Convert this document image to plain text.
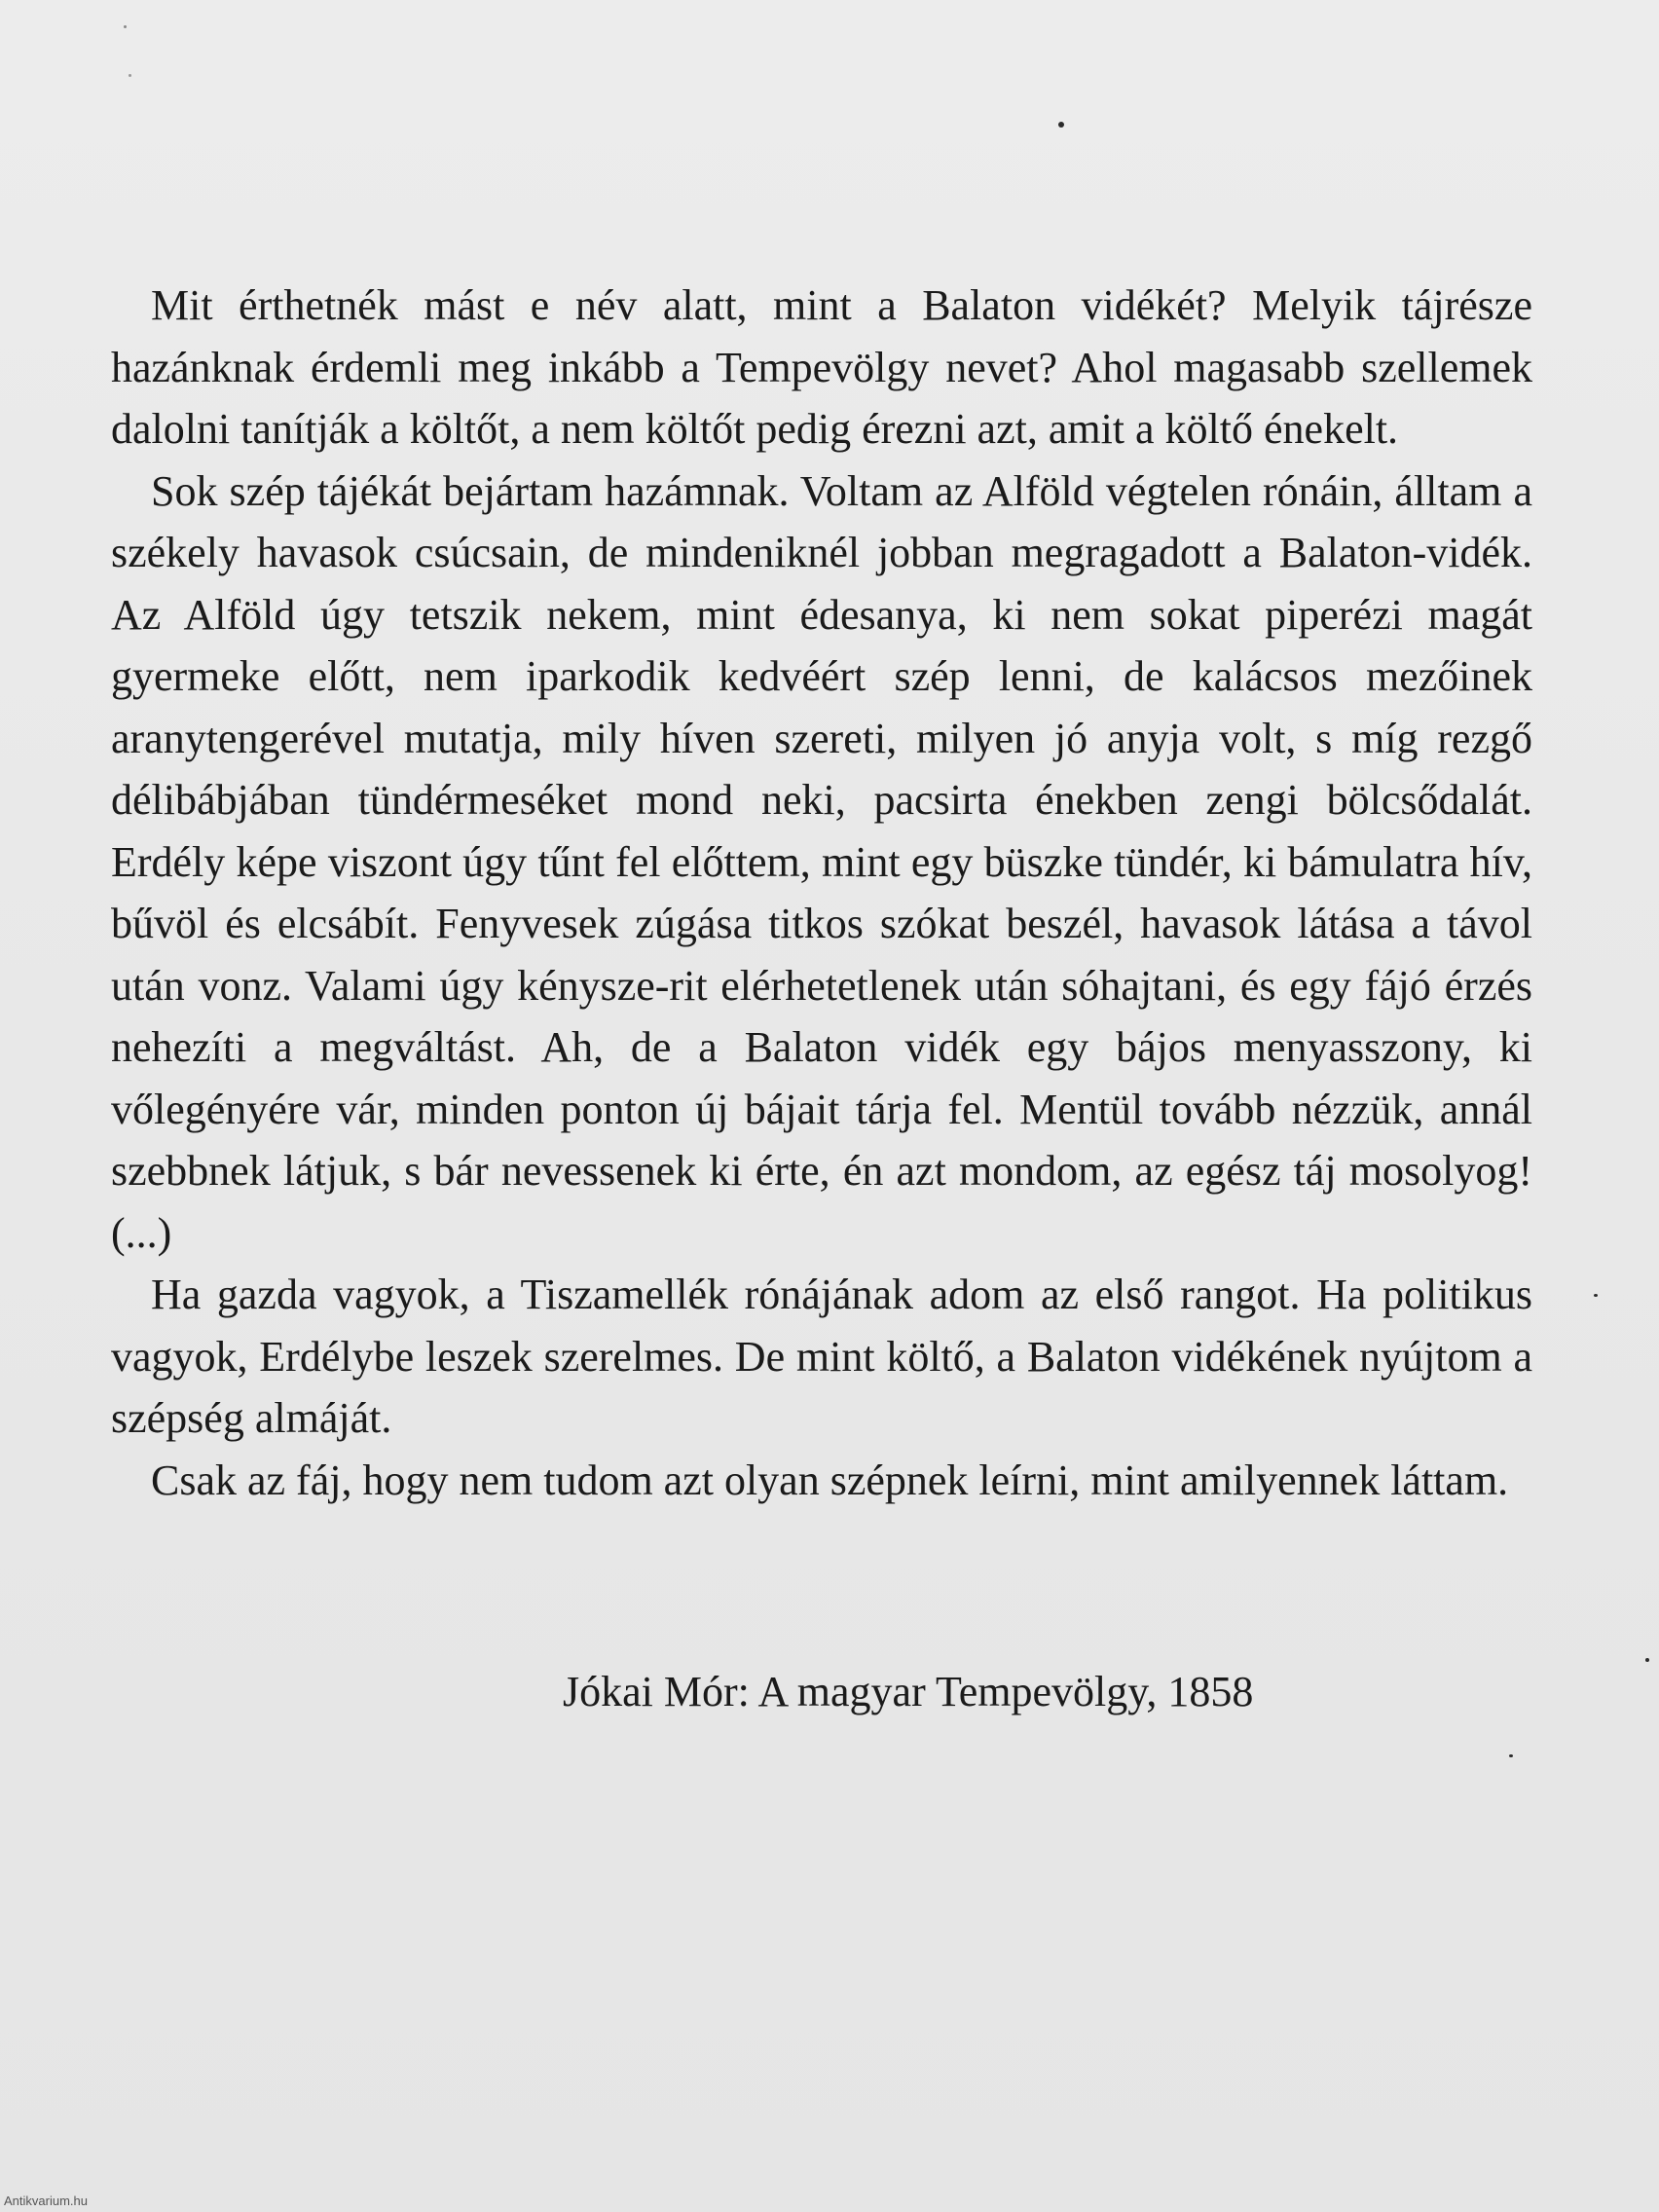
Mit érthetnék mást e név alatt, mint a Balaton vidékét? Melyik tájrésze hazánknak érdemli meg inkább a Tempevölgy nevet? Ahol magasabb szellemek dalolni tanítják a költőt, a nem költőt pedig érezni azt, amit a költő énekelt.

Sok szép tájékát bejártam hazámnak. Voltam az Alföld végtelen rónáin, álltam a székely havasok csúcsain, de mindeniknél jobban megragadott a Balaton-vidék. Az Alföld úgy tetszik nekem, mint édesanya, ki nem sokat piperézi magát gyermeke előtt, nem iparkodik kedvéért szép lenni, de kalácsos mezőinek aranytengerével mutatja, mily híven szereti, milyen jó anyja volt, s míg rezgő délibábjában tündérmeséket mond neki, pacsirta énekben zengi bölcsődalát. Erdély képe viszont úgy tűnt fel előttem, mint egy büszke tündér, ki bámulatra hív, bűvöl és elcsábít. Fenyvesek zúgása titkos szókat beszél, havasok látása a távol után vonz. Valami úgy kénysze-rit elérhetetlenek után sóhajtani, és egy fájó érzés nehezíti a megváltást. Ah, de a Balaton vidék egy bájos menyasszony, ki vőlegényére vár, minden ponton új bájait tárja fel. Mentül tovább nézzük, annál szebbnek látjuk, s bár nevessenek ki érte, én azt mondom, az egész táj mosolyog!(...)

Ha gazda vagyok, a Tiszamellék rónájának adom az első rangot. Ha politikus vagyok, Erdélybe leszek szerelmes. De mint költő, a Balaton vidékének nyújtom a szépség almáját.

Csak az fáj, hogy nem tudom azt olyan szépnek leírni, mint amilyennek láttam.

Jókai Mór: A magyar Tempevölgy, 1858
Antikvarium.hu
